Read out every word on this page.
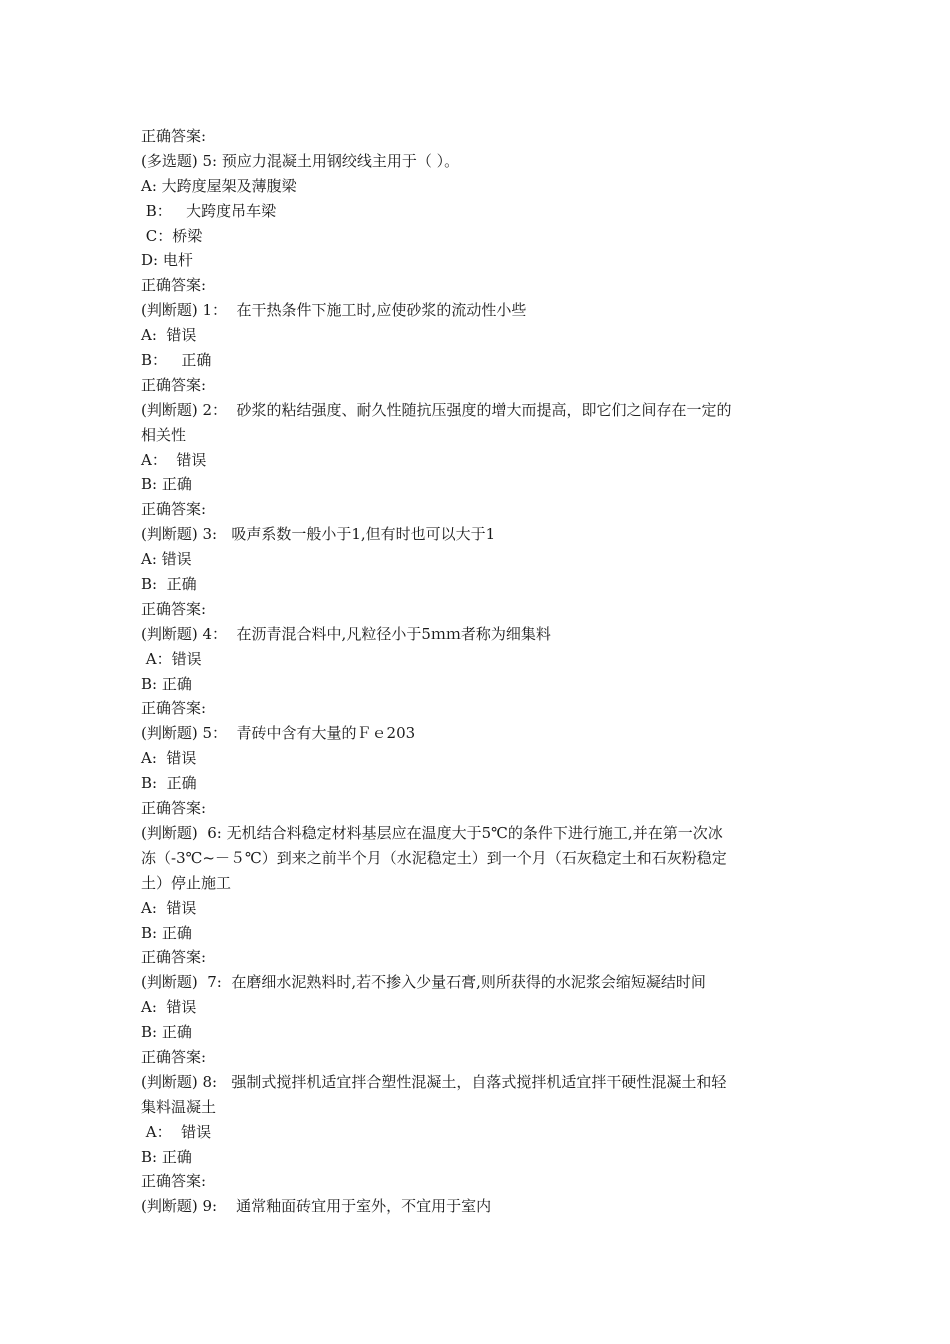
正确答案:
(多选题) 5: 预应力混凝土用钢绞线主用于（ ）。
A: 大跨度屋架及薄腹梁
B：   大跨度吊车梁
C：桥梁
D: 电杆
正确答案:
(判断题) 1：  在干热条件下施工时,应使砂浆的流动性小些
A:  错误
B：   正确
正确答案:
(判断题) 2：  砂浆的粘结强度、耐久性随抗压强度的增大而提高，即它们之间存在一定的
相关性
A：  错误
B: 正确
正确答案:
(判断题) 3:   吸声系数一般小于1,但有时也可以大于1
A: 错误
B:  正确
正确答案:
(判断题) 4：  在沥青混合料中,凡粒径小于5ｍｍ者称为细集料
A：错误
B: 正确
正确答案:
(判断题) 5：  青砖中含有大量的Ｆｅ203
A:  错误
B:  正确
正确答案:
(判断题)  6: 无机结合料稳定材料基层应在温度大于5℃的条件下进行施工,并在第一次冰
冻（-3℃~－５℃）到来之前半个月（水泥稳定土）到一个月（石灰稳定土和石灰粉稳定
土）停止施工
A:  错误
B: 正确
正确答案:
(判断题)  7:  在磨细水泥熟料时,若不掺入少量石膏,则所获得的水泥浆会缩短凝结时间
A:  错误
B: 正确
正确答案:
(判断题) 8:   强制式搅拌机适宜拌合塑性混凝土，自落式搅拌机适宜拌干硬性混凝土和轻
集料温凝土
A：  错误
B: 正确
正确答案:
(判断题) 9:    通常釉面砖宜用于室外，不宜用于室内
